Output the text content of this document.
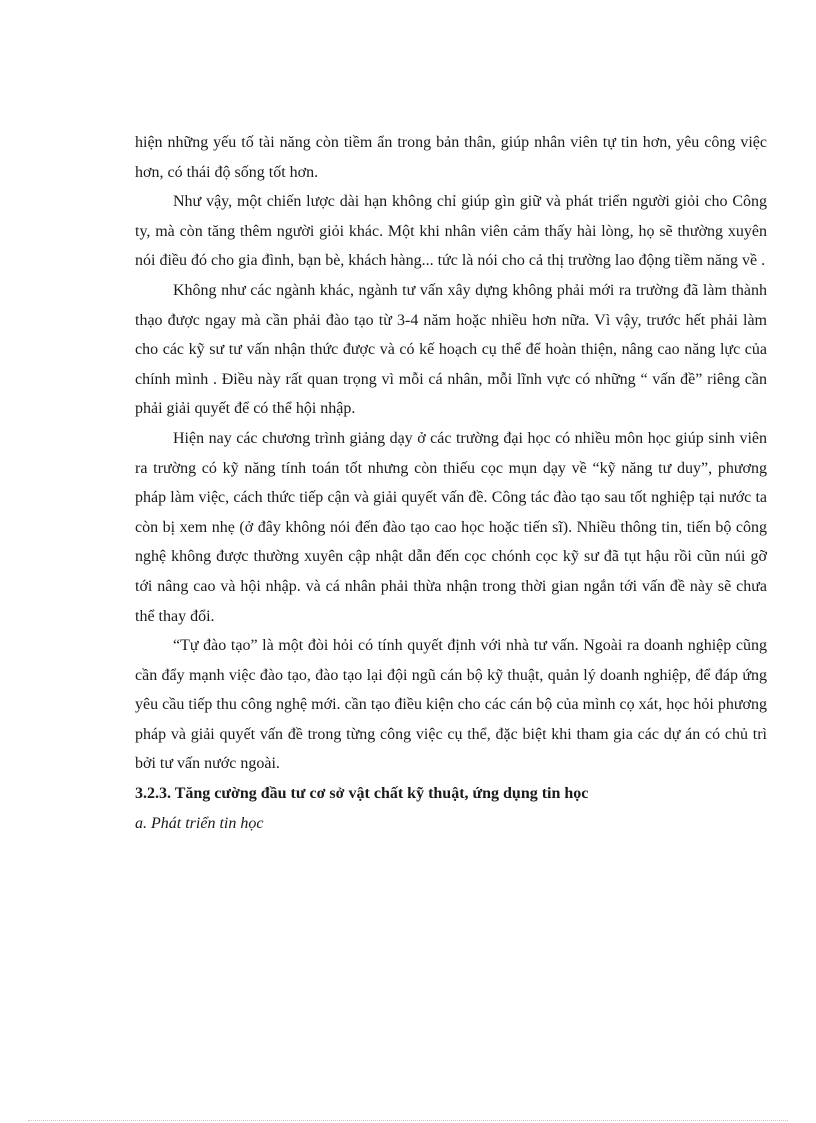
hiện những yếu tố tài năng còn tiềm ẩn trong bản thân, giúp nhân viên tự tin hơn, yêu công việc hơn, có thái độ sống tốt hơn.

Như vậy, một chiến lược dài hạn không chỉ giúp gìn giữ và phát triển người giỏi cho Công ty, mà còn tăng thêm người giỏi khác. Một khi nhân viên cảm thấy hài lòng, họ sẽ thường xuyên nói điều đó cho gia đình, bạn bè, khách hàng... tức là nói cho cả thị trường lao động tiềm năng về .

Không như các ngành khác, ngành tư vấn xây dựng không phải mới ra trường đã làm thành thạo được ngay mà cần phải đào tạo từ 3-4 năm hoặc nhiều hơn nữa. Vì vậy, trước hết phải làm cho các kỹ sư tư vấn nhận thức được và có kế hoạch cụ thể để hoàn thiện, nâng cao năng lực của chính mình . Điều này rất quan trọng vì mỗi cá nhân, mỗi lĩnh vực có những “ vấn đề” riêng cần phải giải quyết để có thể hội nhập.

Hiện nay các chương trình giảng dạy ở các trường đại học có nhiều môn học giúp sinh viên ra trường có kỹ năng tính toán tốt nhưng còn thiếu cọc mụn dạy về “kỹ năng tư duy”, phương pháp làm việc, cách thức tiếp cận và giải quyết vấn đề. Công tác đào tạo sau tốt nghiệp tại nước ta còn bị xem nhẹ (ở đây không nói đến đào tạo cao học hoặc tiến sĩ). Nhiều thông tin, tiến bộ công nghệ không được thường xuyên cập nhật dẫn đến cọc chónh cọc kỹ sư đã tụt hậu rồi cũn núi gỡ tới nâng cao và hội nhập. và cá nhân phải thừa nhận trong thời gian ngắn tới vấn đề này sẽ chưa thể thay đổi.

“Tự đào tạo” là một đòi hỏi có tính quyết định với nhà tư vấn. Ngoài ra doanh nghiệp cũng cần đẩy mạnh việc đào tạo, đào tạo lại đội ngũ cán bộ kỹ thuật, quản lý doanh nghiệp, để đáp ứng yêu cầu tiếp thu công nghệ mới. cần tạo điều kiện cho các cán bộ của mình cọ xát, học hỏi phương pháp và giải quyết vấn đề trong từng công việc cụ thể, đặc biệt khi tham gia các dự án có chủ trì bởi tư vấn nước ngoài.

3.2.3. Tăng cường đầu tư cơ sở vật chất kỹ thuật, ứng dụng tin học

a. Phát triển tin học
